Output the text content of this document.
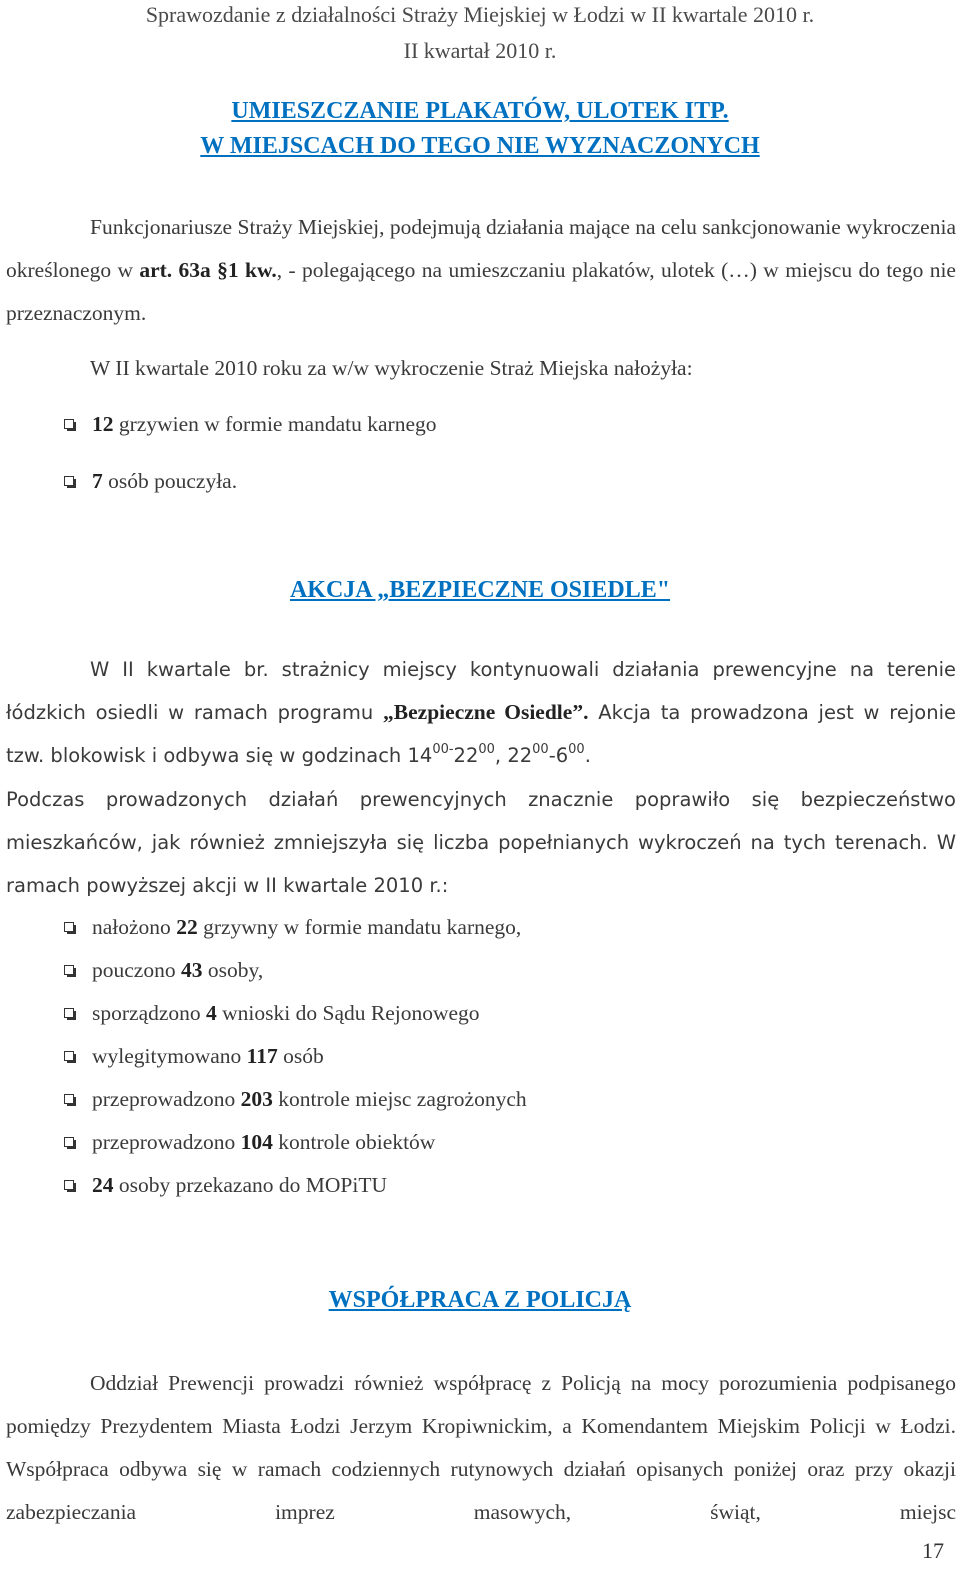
Sprawozdanie z działalności Straży Miejskiej w Łodzi w II kwartale 2010 r.
II kwartał 2010 r.
UMIESZCZANIE PLAKATÓW, ULOTEK ITP.
W MIEJSCACH DO TEGO NIE WYZNACZONYCH
Funkcjonariusze Straży Miejskiej, podejmują działania mające na celu sankcjonowanie wykroczenia określonego w art. 63a §1 kw., - polegającego na umieszczaniu plakatów, ulotek (…) w miejscu do tego nie przeznaczonym.
W II kwartale 2010 roku za w/w wykroczenie Straż Miejska nałożyła:
12 grzywien w formie mandatu karnego
7 osób pouczyła.
AKCJA „BEZPIECZNE OSIEDLE"
W II kwartale br. strażnicy miejscy kontynuowali działania prewencyjne na terenie łódzkich osiedli w ramach programu „Bezpieczne Osiedle”. Akcja ta prowadzona jest w rejonie tzw. blokowisk i odbywa się w godzinach $14^{00-}22^{00}$, $22^{00}-6^{00}$.
Podczas prowadzonych działań prewencyjnych znacznie poprawiło się bezpieczeństwo mieszkańców, jak również zmniejszyła się liczba popełnianych wykroczeń na tych terenach. W ramach powyższej akcji w II kwartale 2010 r.:
nałożono 22 grzywny w formie mandatu karnego,
pouczono 43 osoby,
sporządzono 4 wnioski do Sądu Rejonowego
wylegitymowano 117 osób
przeprowadzono 203 kontrole miejsc zagrożonych
przeprowadzono 104 kontrole obiektów
24 osoby przekazano do MOPiTU
WSPÓŁPRACA Z POLICJĄ
Oddział Prewencji prowadzi również współpracę z Policją na mocy porozumienia podpisanego pomiędzy Prezydentem Miasta Łodzi Jerzym Kropiwnickim, a Komendantem Miejskim Policji w Łodzi. Współpraca odbywa się w ramach codziennych rutynowych działań opisanych poniżej oraz przy okazji zabezpieczania imprez masowych, świąt, miejsc
17
